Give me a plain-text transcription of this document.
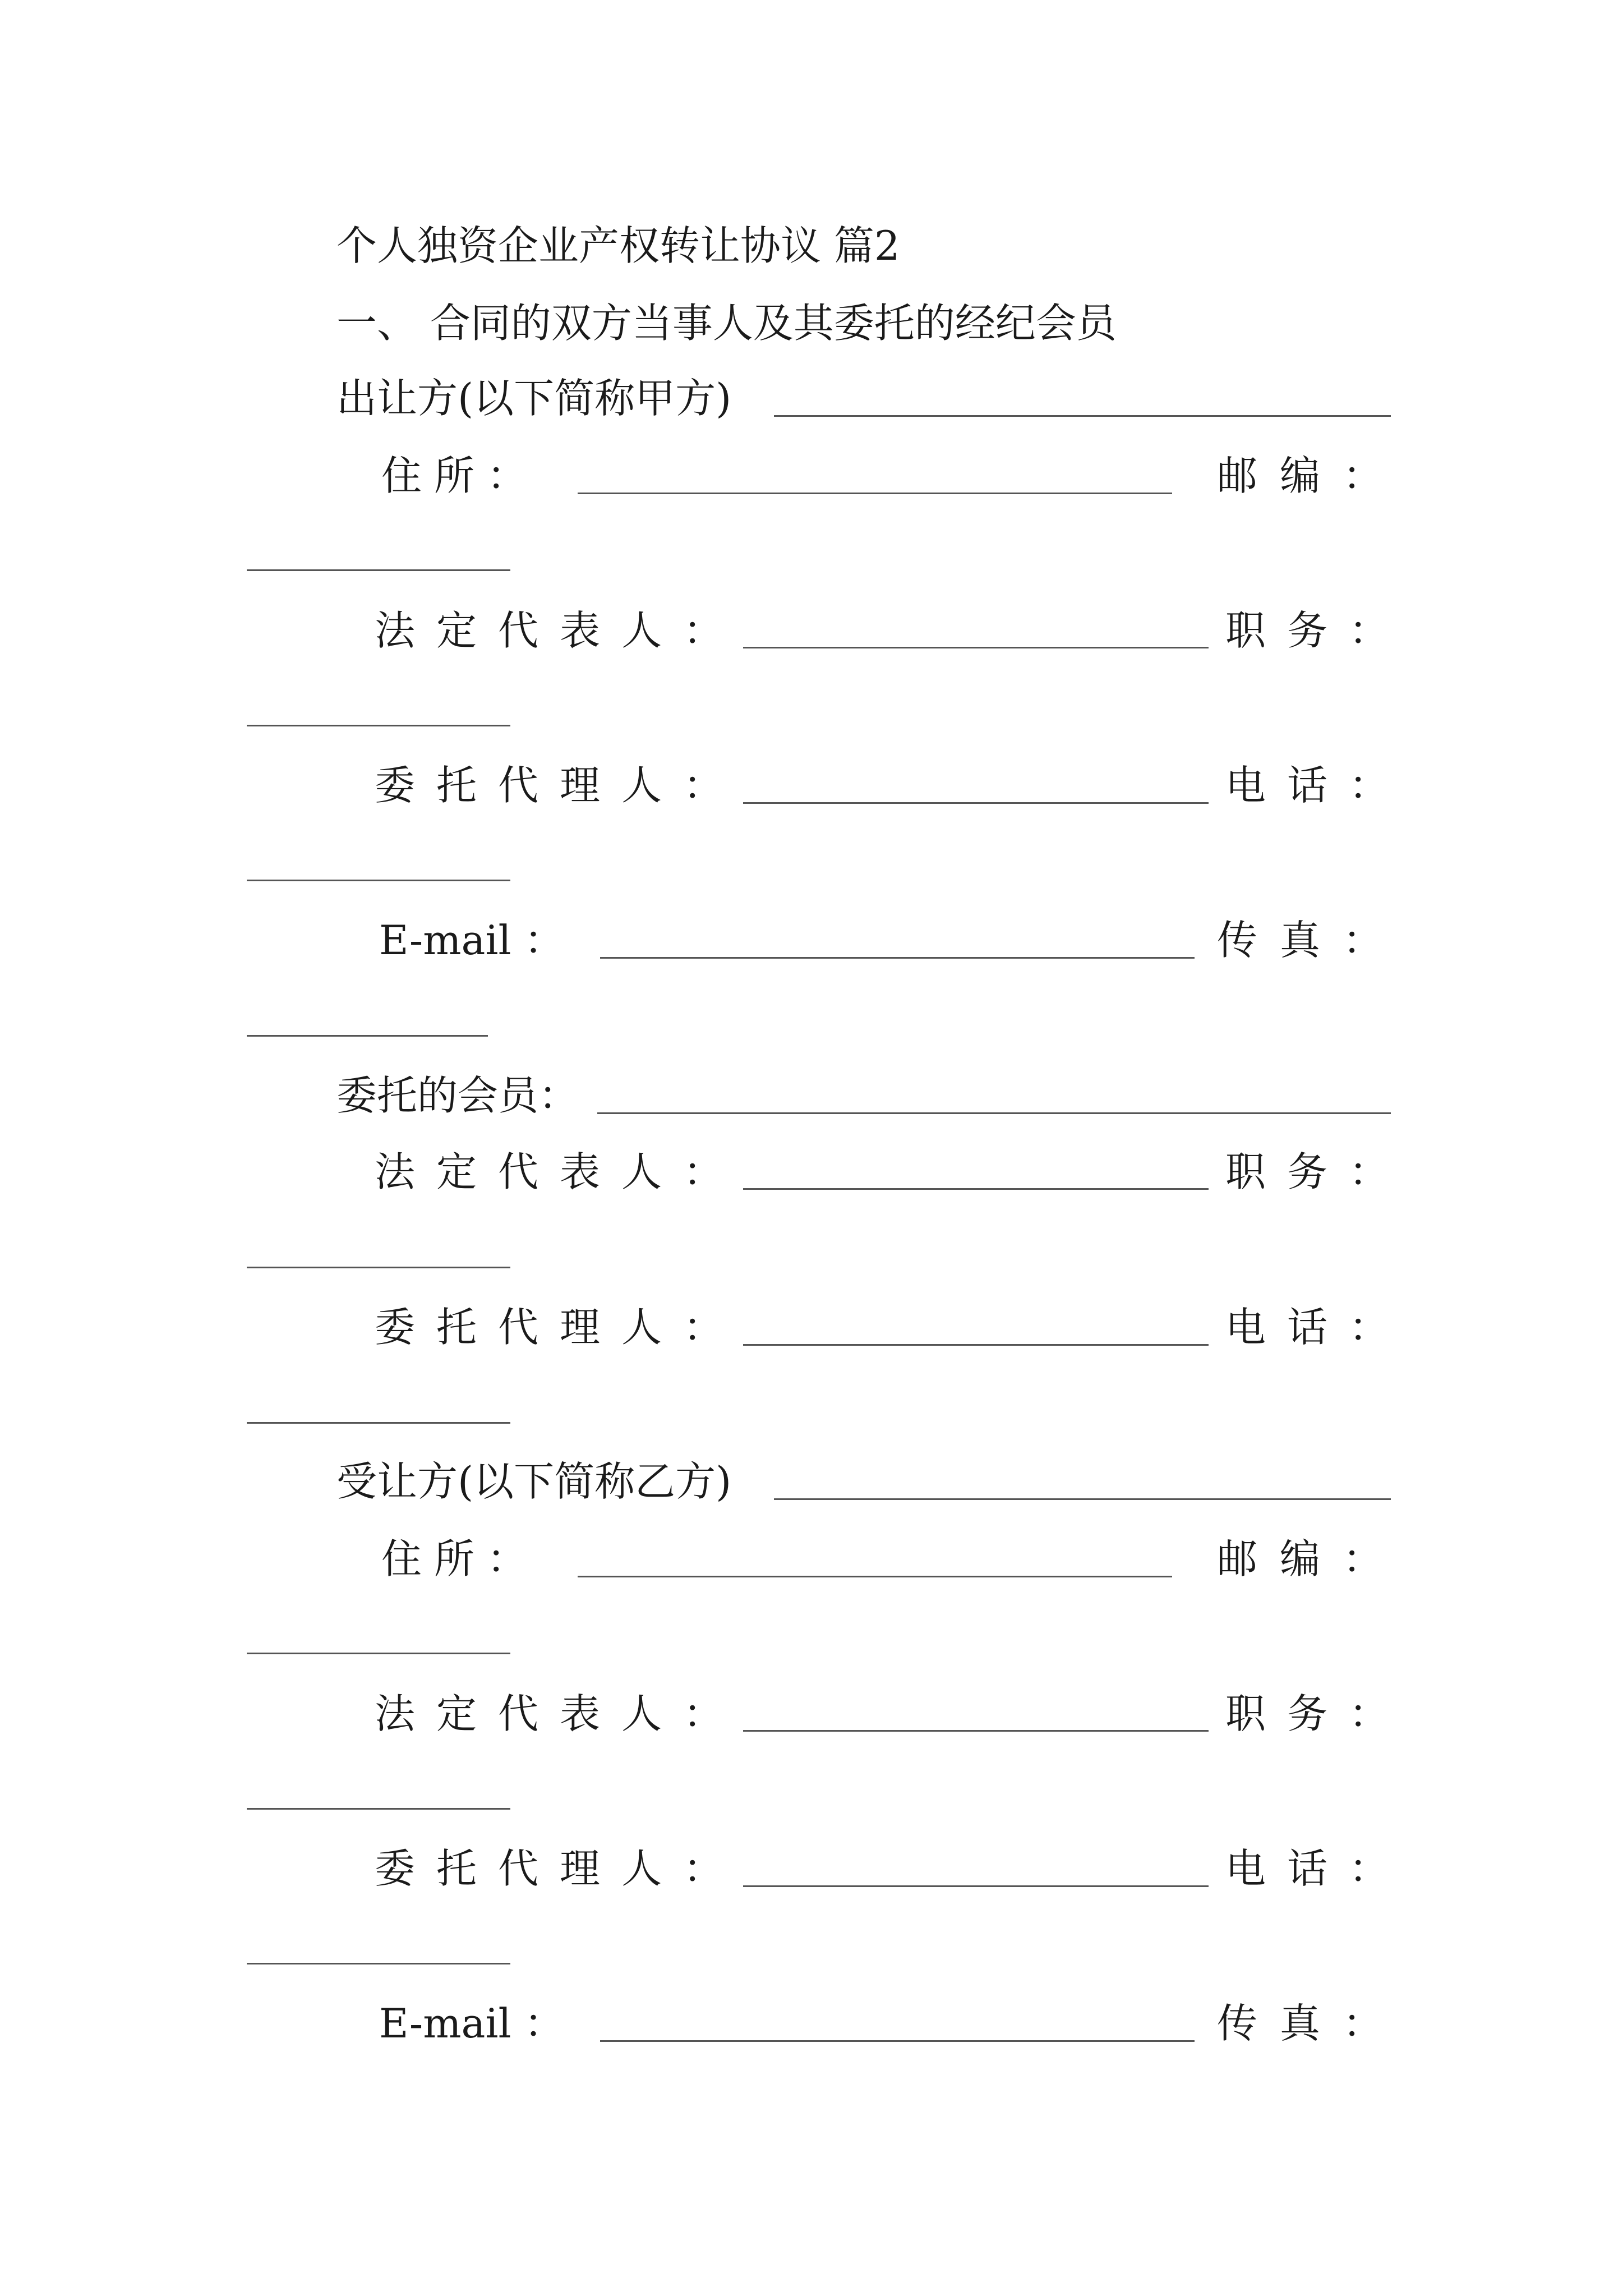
个人独资企业产权转让协议 篇2
一、 合同的双方当事人及其委托的经纪会员
出让方(以下简称甲方)
住 所 ：	邮编：
法定代表人：	职务：
委托代理人：	电话：
E-mail ：	传真：
委托的会员：
法定代表人：	职务：
委托代理人：	电话：
受让方(以下简称乙方)
住 所 ：	邮编：
法定代表人：	职务：
委托代理人：	电话：
E-mail ：	传真：
